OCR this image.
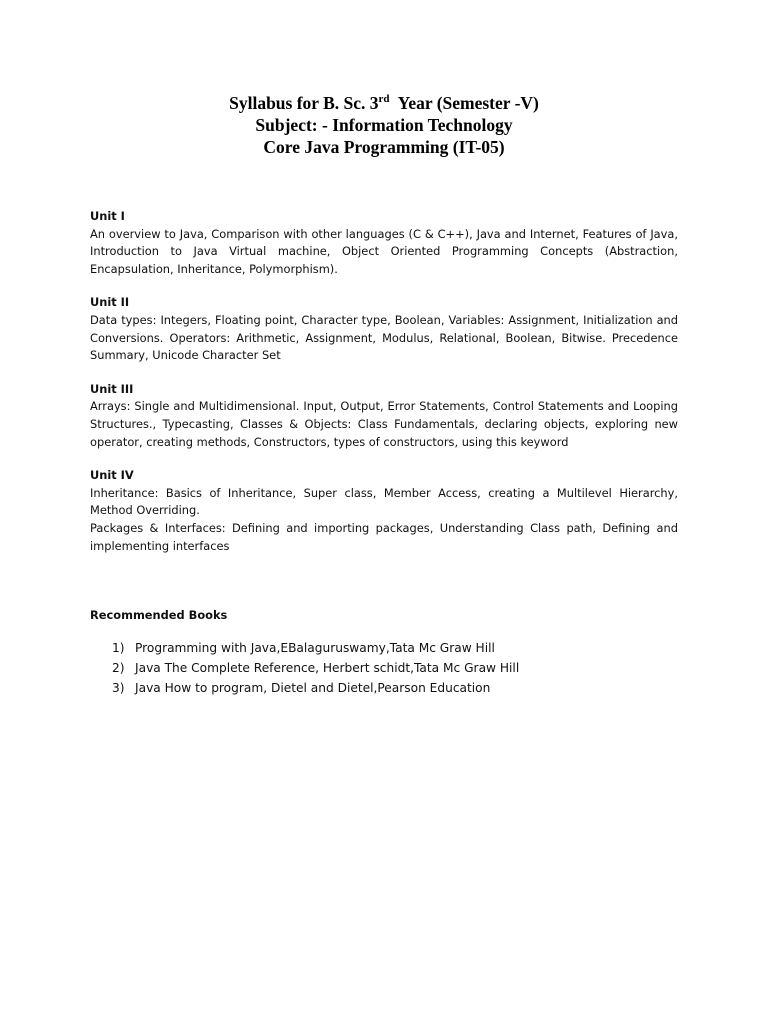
Syllabus for B. Sc. 3rd  Year (Semester -V)
Subject: - Information Technology
Core Java Programming (IT-05)
Unit I

An overview to Java, Comparison with other languages (C & C++), Java and Internet, Features of Java, Introduction to Java Virtual machine, Object Oriented Programming Concepts (Abstraction, Encapsulation, Inheritance, Polymorphism).

Unit II

Data types: Integers, Floating point, Character type, Boolean, Variables: Assignment, Initialization and Conversions. Operators: Arithmetic, Assignment, Modulus, Relational, Boolean, Bitwise. Precedence Summary, Unicode Character Set

Unit III

Arrays: Single and Multidimensional. Input, Output, Error Statements, Control Statements and Looping Structures., Typecasting, Classes & Objects: Class Fundamentals, declaring objects, exploring new operator, creating methods, Constructors, types of constructors, using this keyword

Unit IV

Inheritance: Basics of Inheritance, Super class, Member Access, creating a Multilevel Hierarchy, Method Overriding.

Packages & Interfaces: Defining and importing packages, Understanding Class path, Defining and implementing interfaces

Recommended Books
1) Programming with Java,EBalaguruswamy,Tata Mc Graw Hill
2) Java The Complete Reference, Herbert schidt,Tata Mc Graw Hill
3) Java How to program, Dietel and Dietel,Pearson Education
